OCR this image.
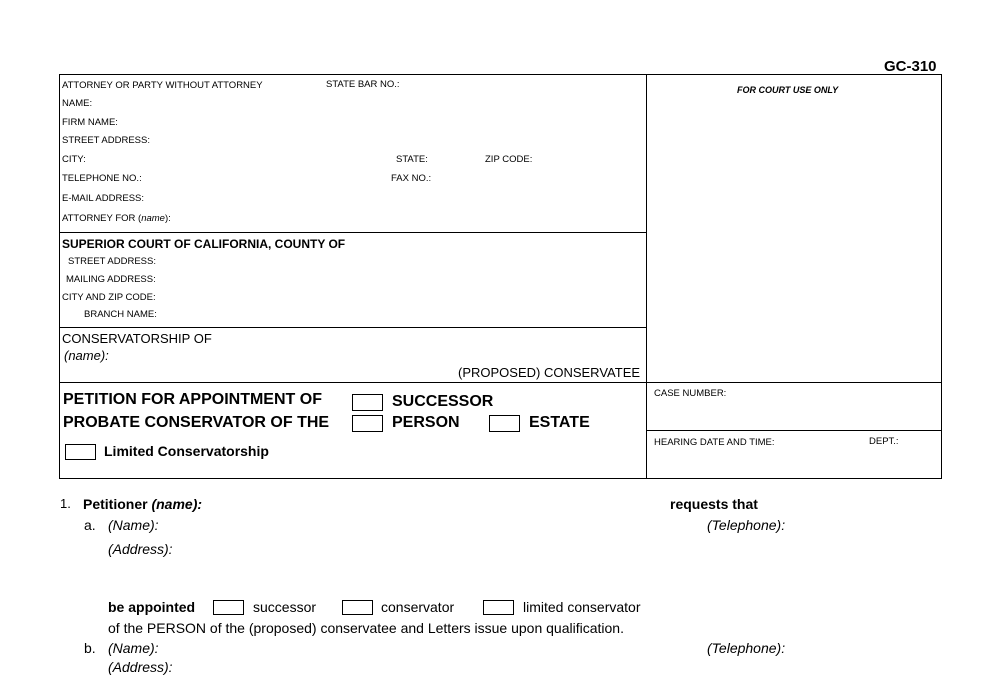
GC-310
ATTORNEY OR PARTY WITHOUT ATTORNEY	STATE BAR NO.:	FOR COURT USE ONLY
NAME:
FIRM NAME:
STREET ADDRESS:
CITY:	STATE:	ZIP CODE:
TELEPHONE NO.:	FAX NO.:
E-MAIL ADDRESS:
ATTORNEY FOR (name):
SUPERIOR COURT OF CALIFORNIA, COUNTY OF
STREET ADDRESS:
MAILING ADDRESS:
CITY AND ZIP CODE:
BRANCH NAME:
CONSERVATORSHIP OF
(name):
(PROPOSED) CONSERVATEE
CASE NUMBER:
HEARING DATE AND TIME:	DEPT.:
PETITION FOR APPOINTMENT OF
PROBATE CONSERVATOR OF THE
SUCCESSOR
PERSON	ESTATE
Limited Conservatorship
1. Petitioner (name):	requests that
a. (Name):	(Telephone):
(Address):
be appointed	successor	conservator	limited conservator
of the PERSON of the (proposed) conservatee and Letters issue upon qualification.
b. (Name):	(Telephone):
(Address):
